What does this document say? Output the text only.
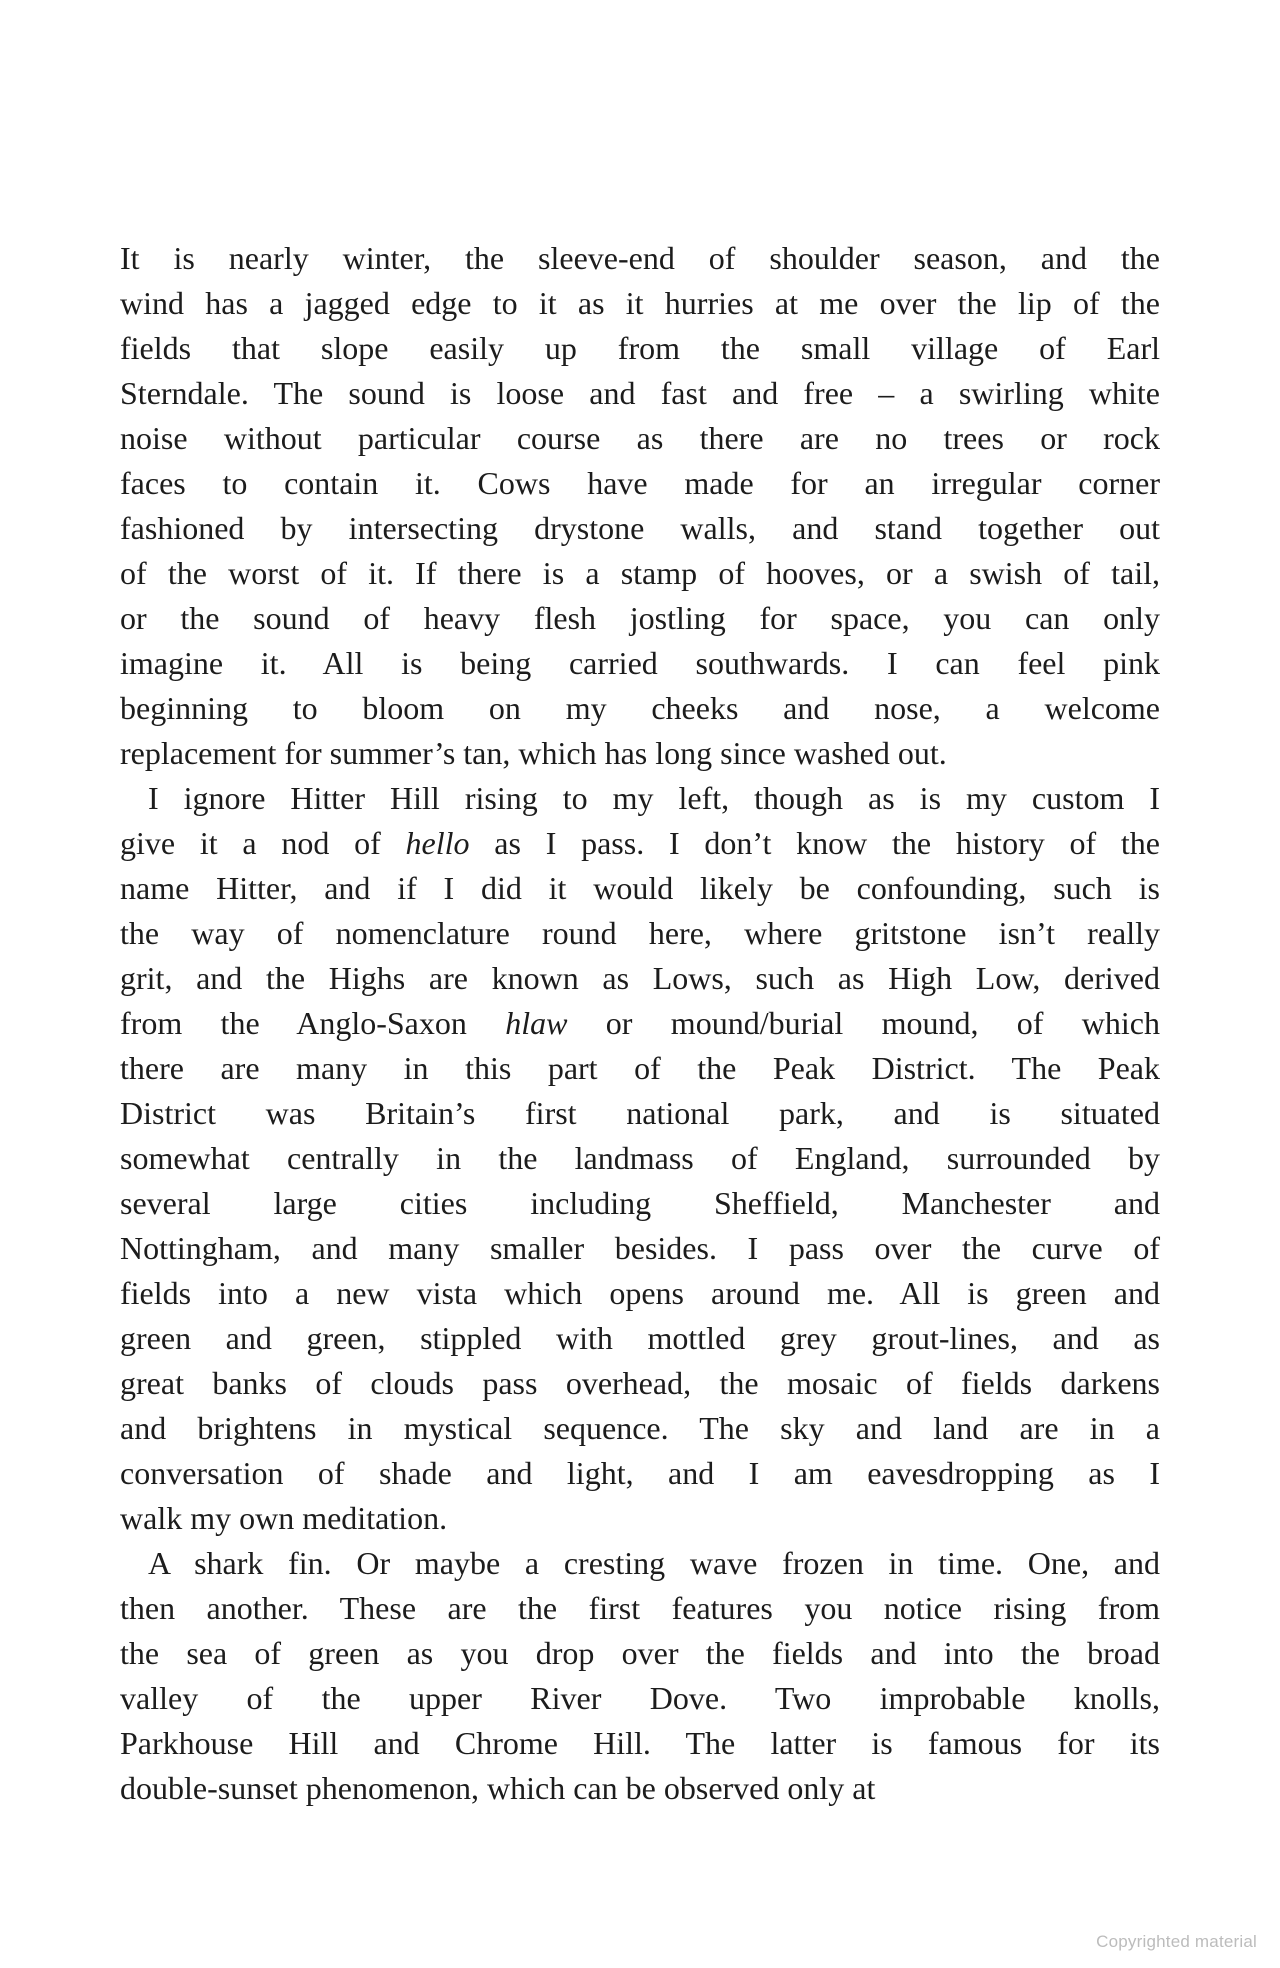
It is nearly winter, the sleeve-end of shoulder season, and the
wind has a jagged edge to it as it hurries at me over the lip of the
fields that slope easily up from the small village of Earl
Sterndale. The sound is loose and fast and free – a swirling white
noise without particular course as there are no trees or rock
faces to contain it. Cows have made for an irregular corner
fashioned by intersecting drystone walls, and stand together out
of the worst of it. If there is a stamp of hooves, or a swish of tail,
or the sound of heavy flesh jostling for space, you can only
imagine it. All is being carried southwards. I can feel pink
beginning to bloom on my cheeks and nose, a welcome
replacement for summer’s tan, which has long since washed out.
I ignore Hitter Hill rising to my left, though as is my custom I
give it a nod of hello as I pass. I don’t know the history of the
name Hitter, and if I did it would likely be confounding, such is
the way of nomenclature round here, where gritstone isn’t really
grit, and the Highs are known as Lows, such as High Low, derived
from the Anglo-Saxon hlaw or mound/burial mound, of which
there are many in this part of the Peak District. The Peak
District was Britain’s first national park, and is situated
somewhat centrally in the landmass of England, surrounded by
several large cities including Sheffield, Manchester and
Nottingham, and many smaller besides. I pass over the curve of
fields into a new vista which opens around me. All is green and
green and green, stippled with mottled grey grout-lines, and as
great banks of clouds pass overhead, the mosaic of fields darkens
and brightens in mystical sequence. The sky and land are in a
conversation of shade and light, and I am eavesdropping as I
walk my own meditation.
A shark fin. Or maybe a cresting wave frozen in time. One, and
then another. These are the first features you notice rising from
the sea of green as you drop over the fields and into the broad
valley of the upper River Dove. Two improbable knolls,
Parkhouse Hill and Chrome Hill. The latter is famous for its
double-sunset phenomenon, which can be observed only at
Copyrighted material
